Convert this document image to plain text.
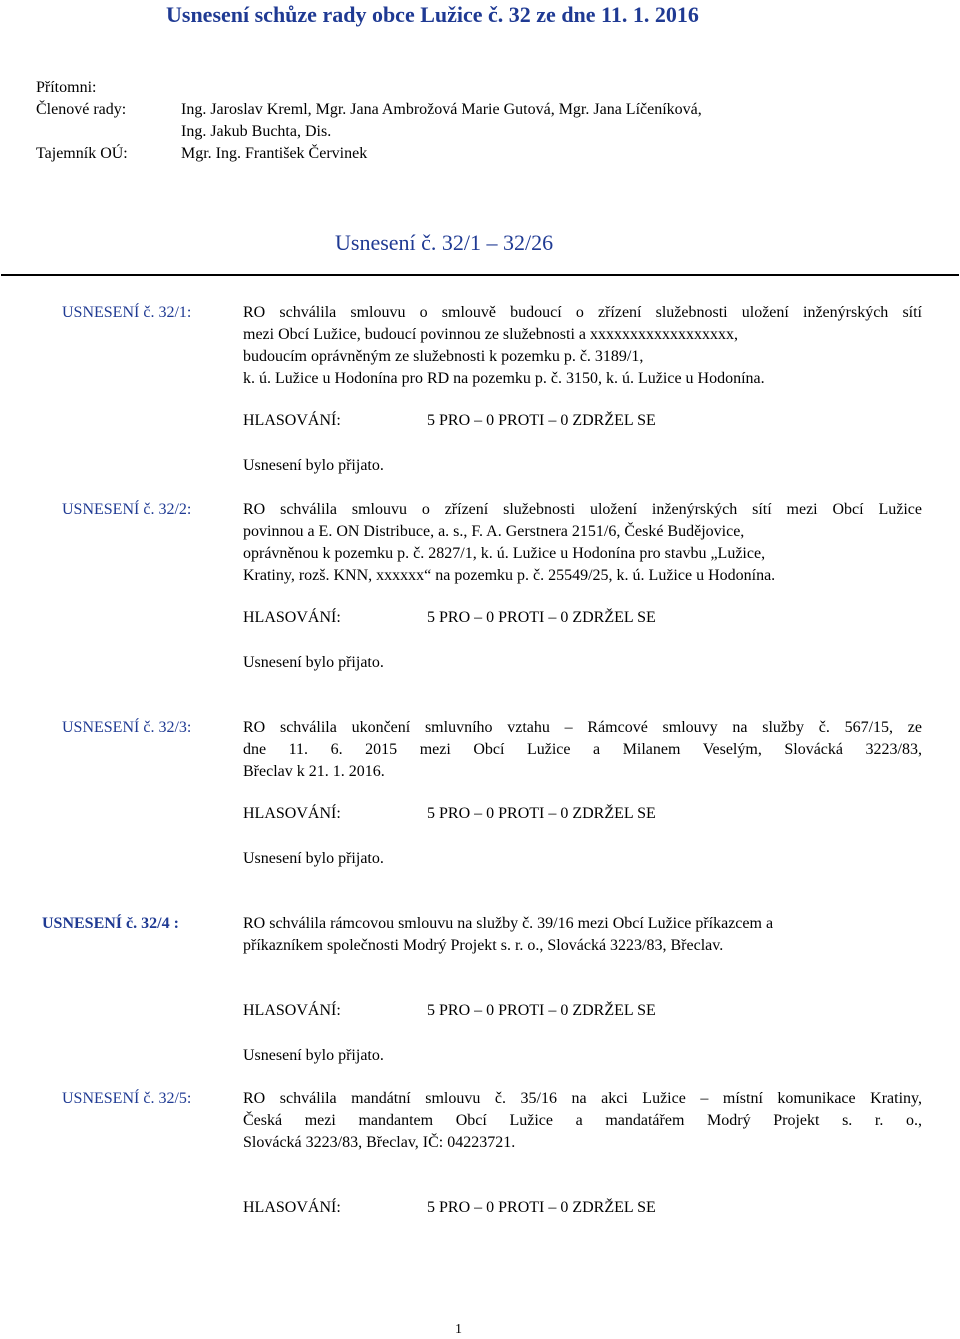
Usnesení schůze rady obce Lužice č. 32 ze dne 11. 1. 2016
Přítomni:
Členové rady:	Ing. Jaroslav Kreml, Mgr. Jana Ambrožová Marie Gutová, Mgr. Jana Líčeníková,
Ing. Jakub Buchta, Dis.
Tajemník OÚ:	Mgr. Ing. František Červinek
Usnesení č. 32/1 – 32/26
USNESENÍ č. 32/1:	RO schválila smlouvu o smlouvě budoucí o zřízení služebnosti uložení inženýrských sítí
mezi Obcí Lužice, budoucí povinnou ze služebnosti a xxxxxxxxxxxxxxxxxx,
budoucím oprávněným ze služebnosti k pozemku p. č. 3189/1,
k. ú. Lužice u Hodonína pro RD na pozemku p. č. 3150, k. ú. Lužice u Hodonína.
HLASOVÁNÍ:	5 PRO – 0 PROTI – 0 ZDRŽEL SE
Usnesení bylo přijato.
USNESENÍ č. 32/2:	RO schválila smlouvu o zřízení služebnosti uložení inženýrských sítí mezi Obcí Lužice
povinnou a E. ON Distribuce, a. s., F. A. Gerstnera 2151/6, České Budějovice,
oprávněnou k pozemku p. č. 2827/1, k. ú. Lužice u Hodonína pro stavbu „Lužice,
Kratiny, rozš. KNN, xxxxxx“ na pozemku p. č. 25549/25, k. ú. Lužice u Hodonína.
HLASOVÁNÍ:	5 PRO – 0 PROTI – 0 ZDRŽEL SE
Usnesení bylo přijato.
USNESENÍ č. 32/3:	RO schválila ukončení smluvního vztahu – Rámcové smlouvy na služby č. 567/15, ze
dne 11. 6. 2015 mezi Obcí Lužice a Milanem Veselým, Slovácká 3223/83,
Břeclav k 21. 1. 2016.
HLASOVÁNÍ:	5 PRO – 0 PROTI – 0 ZDRŽEL SE
Usnesení bylo přijato.
USNESENÍ č. 32/4 :	RO schválila rámcovou smlouvu na služby č. 39/16 mezi Obcí Lužice příkazcem a
příkazníkem společnosti Modrý Projekt s. r. o., Slovácká 3223/83, Břeclav.
HLASOVÁNÍ:	5 PRO – 0 PROTI – 0 ZDRŽEL SE
Usnesení bylo přijato.
USNESENÍ č. 32/5:	RO schválila mandátní smlouvu č. 35/16 na akci Lužice – místní komunikace Kratiny,
Česká mezi mandantem Obcí Lužice a mandatářem Modrý Projekt s. r. o.,
Slovácká 3223/83, Břeclav, IČ: 04223721.
HLASOVÁNÍ:	5 PRO – 0 PROTI – 0 ZDRŽEL SE
1
